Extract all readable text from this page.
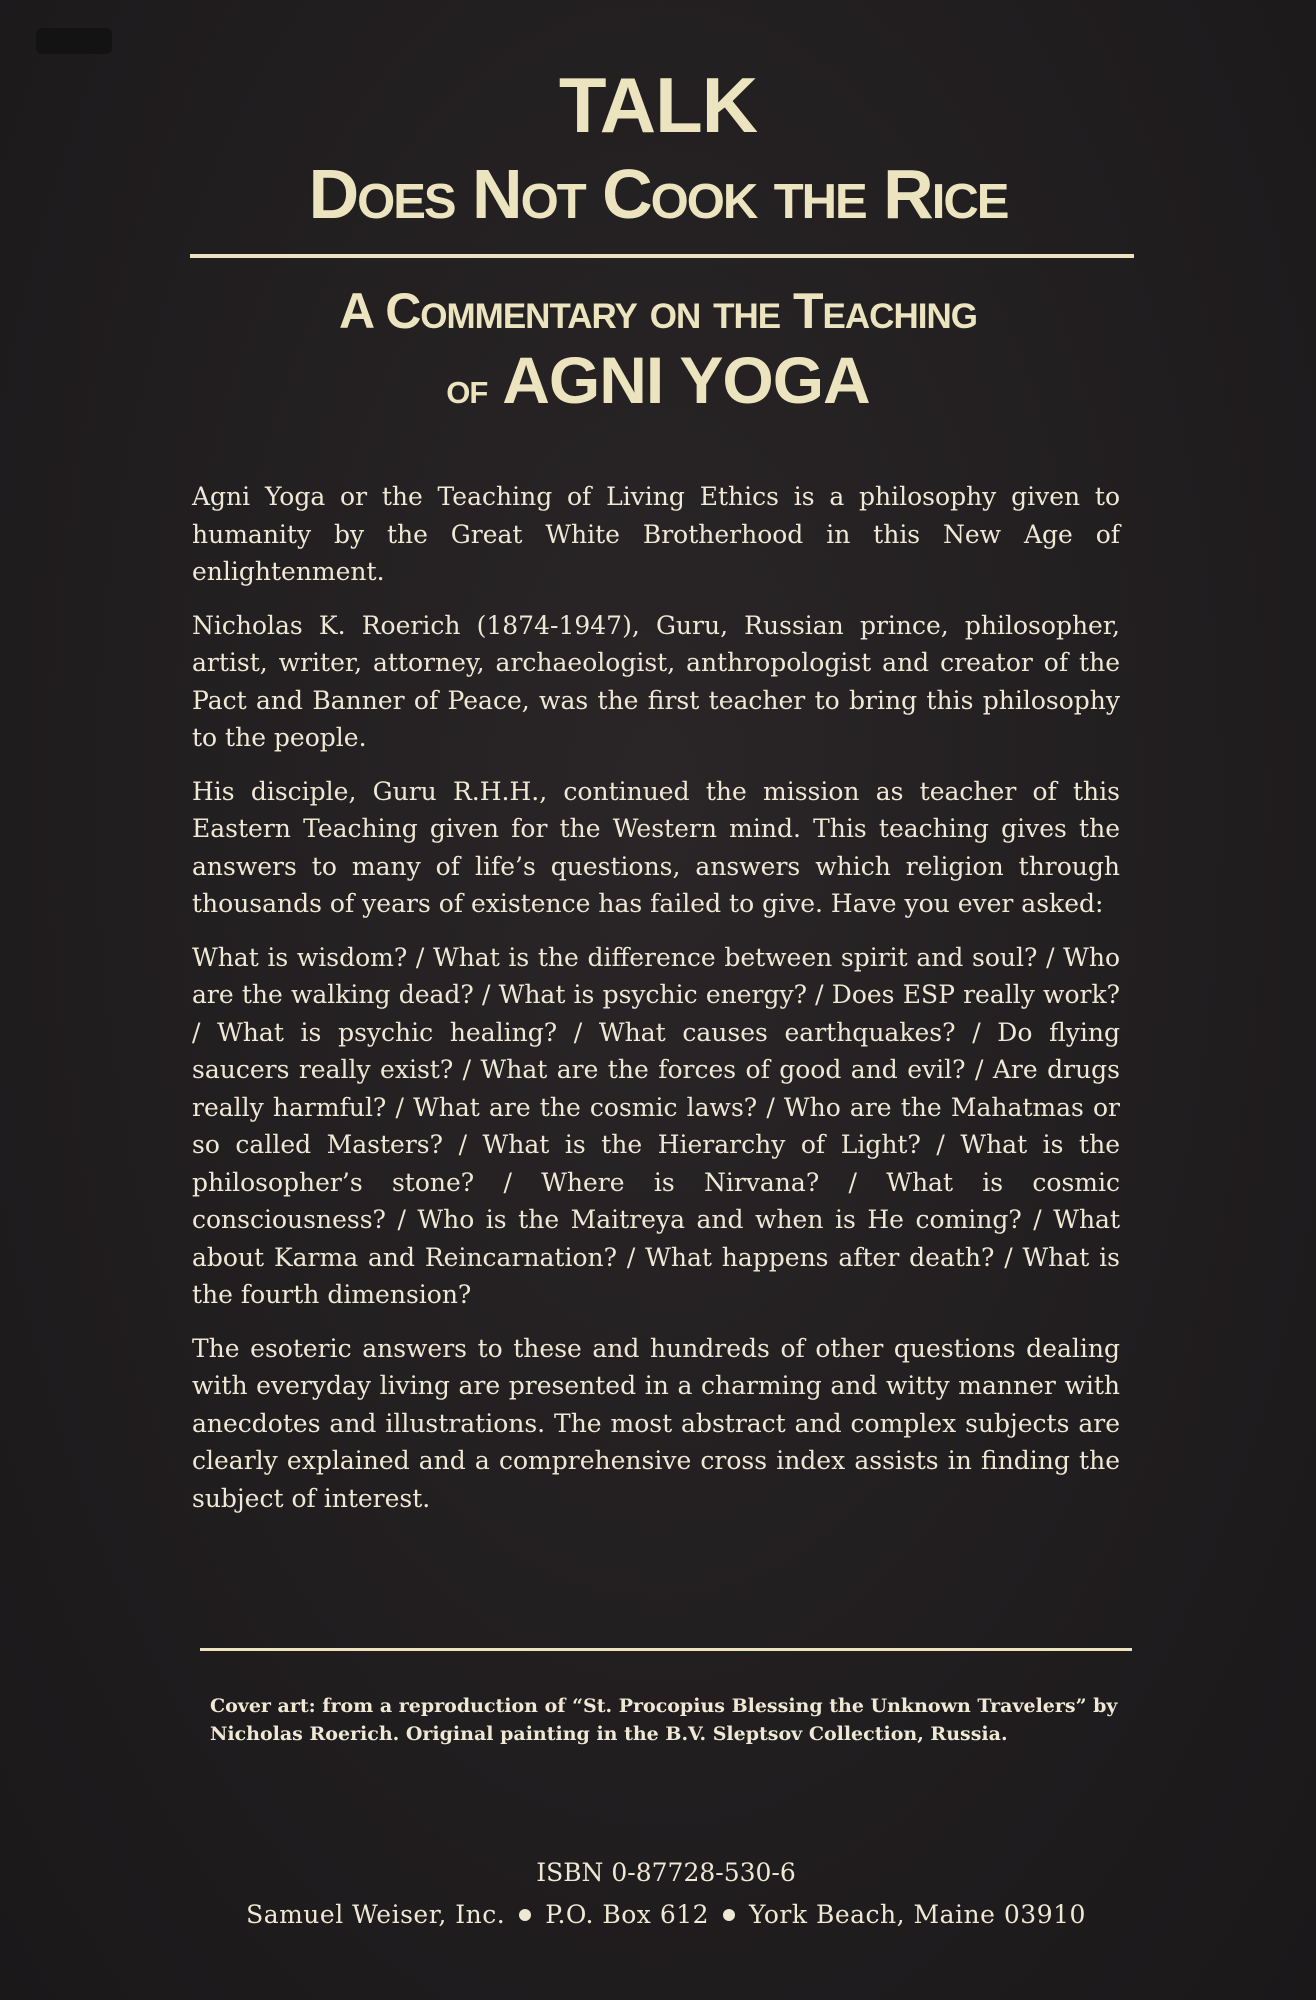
TALK
Does Not Cook the Rice
A Commentary on the Teaching
of AGNI YOGA

Agni Yoga or the Teaching of Living Ethics is a philosophy given to humanity by the Great White Brotherhood in this New Age of enlightenment.

Nicholas K. Roerich (1874-1947), Guru, Russian prince, philosopher, artist, writer, attorney, archaeologist, anthropologist and creator of the Pact and Banner of Peace, was the first teacher to bring this philosophy to the people.

His disciple, Guru R.H.H., continued the mission as teacher of this Eastern Teaching given for the Western mind. This teaching gives the answers to many of life’s questions, answers which religion through thousands of years of existence has failed to give. Have you ever asked:

What is wisdom? / What is the difference between spirit and soul? / Who are the walking dead? / What is psychic energy? / Does ESP really work? / What is psychic healing? / What causes earthquakes? / Do flying saucers really exist? / What are the forces of good and evil? / Are drugs really harmful? / What are the cosmic laws? / Who are the Mahatmas or so called Masters? / What is the Hierarchy of Light? / What is the philosopher’s stone? / Where is Nirvana? / What is cosmic consciousness? / Who is the Maitreya and when is He coming? / What about Karma and Reincarnation? / What happens after death? / What is the fourth dimension?

The esoteric answers to these and hundreds of other questions dealing with everyday living are presented in a charming and witty manner with anecdotes and illustrations. The most abstract and complex subjects are clearly explained and a comprehensive cross index assists in finding the subject of interest.

Cover art: from a reproduction of “St. Procopius Blessing the Unknown Travelers” by Nicholas Roerich. Original painting in the B.V. Sleptsov Collection, Russia.
ISBN 0-87728-530-6
Samuel Weiser, Inc. P.O. Box 612 York Beach, Maine 03910
